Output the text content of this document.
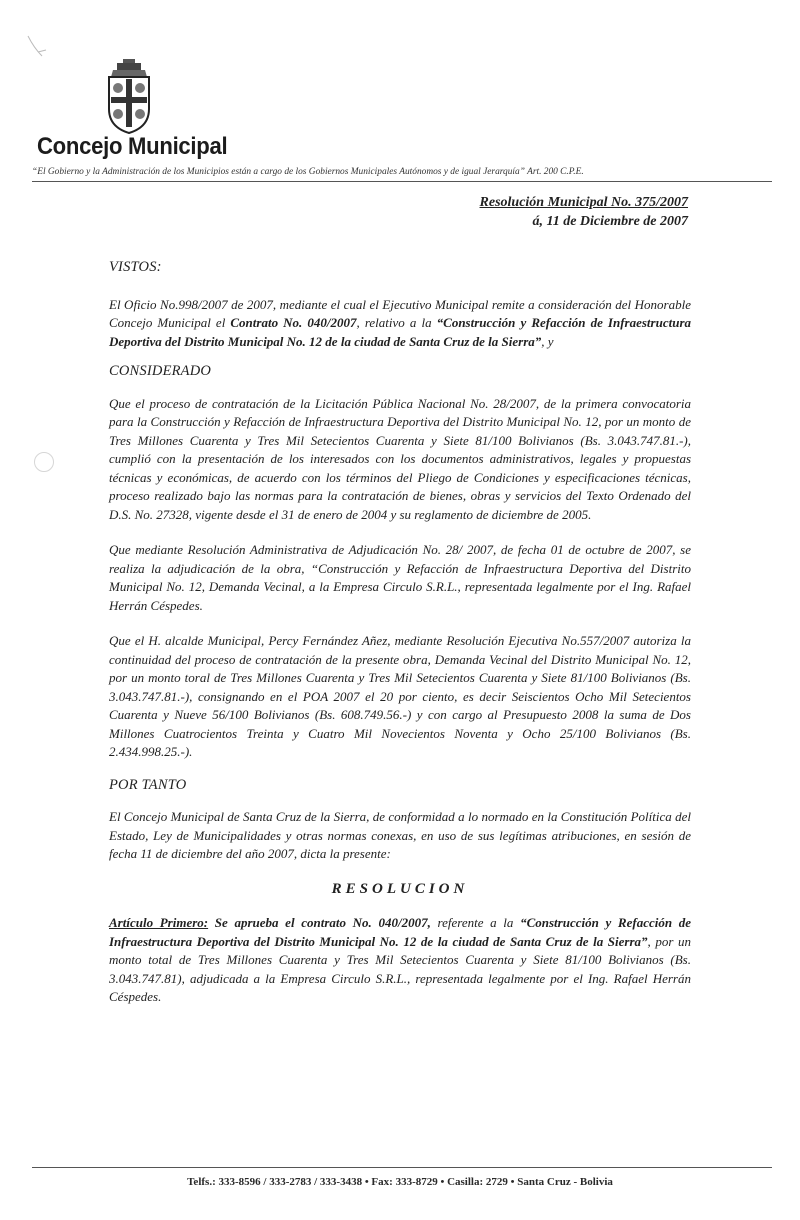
Concejo Municipal
“El Gobierno y la Administración de los Municipios están a cargo de los Gobiernos Municipales Autónomos y de igual Jerarquía” Art. 200 C.P.E.
Resolución Municipal No. 375/2007
á, 11 de Diciembre de 2007

VISTOS:

El Oficio No.998/2007 de 2007, mediante el cual el Ejecutivo Municipal remite a consideración del Honorable Concejo Municipal el Contrato No. 040/2007, relativo a la “Construcción y Refacción de Infraestructura Deportiva del Distrito Municipal No. 12 de la ciudad de Santa Cruz de la Sierra”, y

CONSIDERADO

Que el proceso de contratación de la Licitación Pública Nacional No. 28/2007, de la primera convocatoria para la Construcción y Refacción de Infraestructura Deportiva del Distrito Municipal No. 12, por un monto de Tres Millones Cuarenta y Tres Mil Setecientos Cuarenta y Siete 81/100 Bolivianos (Bs. 3.043.747.81.-), cumplió con la presentación de los interesados con los documentos administrativos, legales y propuestas técnicas y económicas, de acuerdo con los términos del Pliego de Condiciones y especificaciones técnicas, proceso realizado bajo las normas para la contratación de bienes, obras y servicios del Texto Ordenado del D.S. No. 27328, vigente desde el 31 de enero de 2004 y su reglamento de diciembre de 2005.

Que mediante Resolución Administrativa de Adjudicación No. 28/ 2007, de fecha 01 de octubre de 2007, se realiza la adjudicación de la obra, “Construcción y Refacción de Infraestructura Deportiva del Distrito Municipal No. 12, Demanda Vecinal, a la Empresa Circulo S.R.L., representada legalmente por el Ing. Rafael Herrán Céspedes.

Que el H. alcalde Municipal, Percy Fernández Añez, mediante Resolución Ejecutiva No.557/2007 autoriza la continuidad del proceso de contratación de la presente obra, Demanda Vecinal del Distrito Municipal No. 12, por un monto toral de Tres Millones Cuarenta y Tres Mil Setecientos Cuarenta y Siete 81/100 Bolivianos (Bs. 3.043.747.81.-), consignando en el POA 2007 el 20 por ciento, es decir Seiscientos Ocho Mil Setecientos Cuarenta y Nueve 56/100 Bolivianos (Bs. 608.749.56.-) y con cargo al Presupuesto 2008 la suma de Dos Millones Cuatrocientos Treinta y Cuatro Mil Novecientos Noventa y Ocho 25/100 Bolivianos (Bs. 2.434.998.25.-).

POR TANTO

El Concejo Municipal de Santa Cruz de la Sierra, de conformidad a lo normado en la Constitución Política del Estado, Ley de Municipalidades y otras normas conexas, en uso de sus legítimas atribuciones, en sesión de fecha 11 de diciembre del año 2007, dicta la presente:

RESOLUCION

Artículo Primero: Se aprueba el contrato No. 040/2007, referente a la “Construcción y Refacción de Infraestructura Deportiva del Distrito Municipal No. 12 de la ciudad de Santa Cruz de la Sierra”, por un monto total de Tres Millones Cuarenta y Tres Mil Setecientos Cuarenta y Siete 81/100 Bolivianos (Bs. 3.043.747.81), adjudicada a la Empresa Circulo S.R.L., representada legalmente por el Ing. Rafael Herrán Céspedes.

Telfs.: 333-8596 / 333-2783 / 333-3438 • Fax: 333-8729 • Casilla: 2729 • Santa Cruz - Bolivia
